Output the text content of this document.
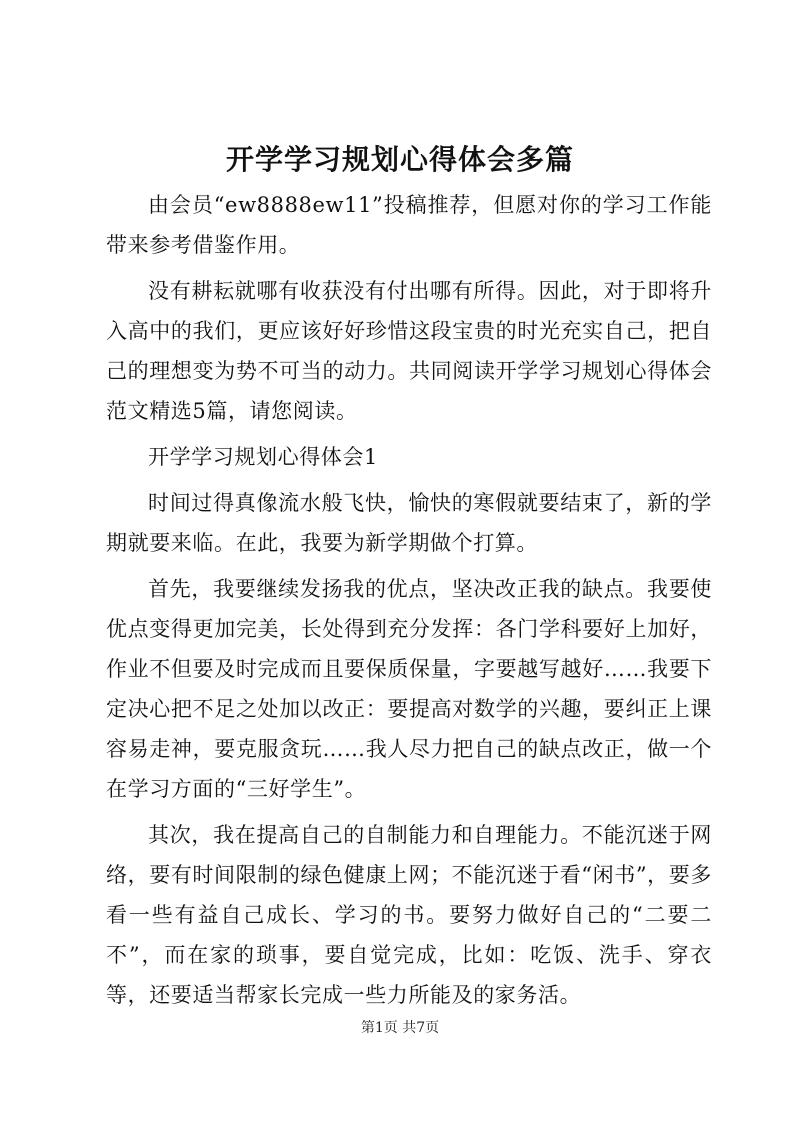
开学学习规划心得体会多篇

由会员“ew8888ew11”投稿推荐，但愿对你的学习工作能带来参考借鉴作用。

没有耕耘就哪有收获没有付出哪有所得。因此，对于即将升入高中的我们，更应该好好珍惜这段宝贵的时光充实自己，把自己的理想变为势不可当的动力。共同阅读开学学习规划心得体会范文精选5篇，请您阅读。

开学学习规划心得体会1

时间过得真像流水般飞快，愉快的寒假就要结束了，新的学期就要来临。在此，我要为新学期做个打算。

首先，我要继续发扬我的优点，坚决改正我的缺点。我要使优点变得更加完美，长处得到充分发挥：各门学科要好上加好，作业不但要及时完成而且要保质保量，字要越写越好……我要下定决心把不足之处加以改正：要提高对数学的兴趣，要纠正上课容易走神，要克服贪玩……我人尽力把自己的缺点改正，做一个在学习方面的“三好学生”。

其次，我在提高自己的自制能力和自理能力。不能沉迷于网络，要有时间限制的绿色健康上网；不能沉迷于看“闲书”，要多看一些有益自己成长、学习的书。要努力做好自己的“二要二不”，而在家的琐事，要自觉完成，比如：吃饭、洗手、穿衣等，还要适当帮家长完成一些力所能及的家务活。

第1页 共7页
